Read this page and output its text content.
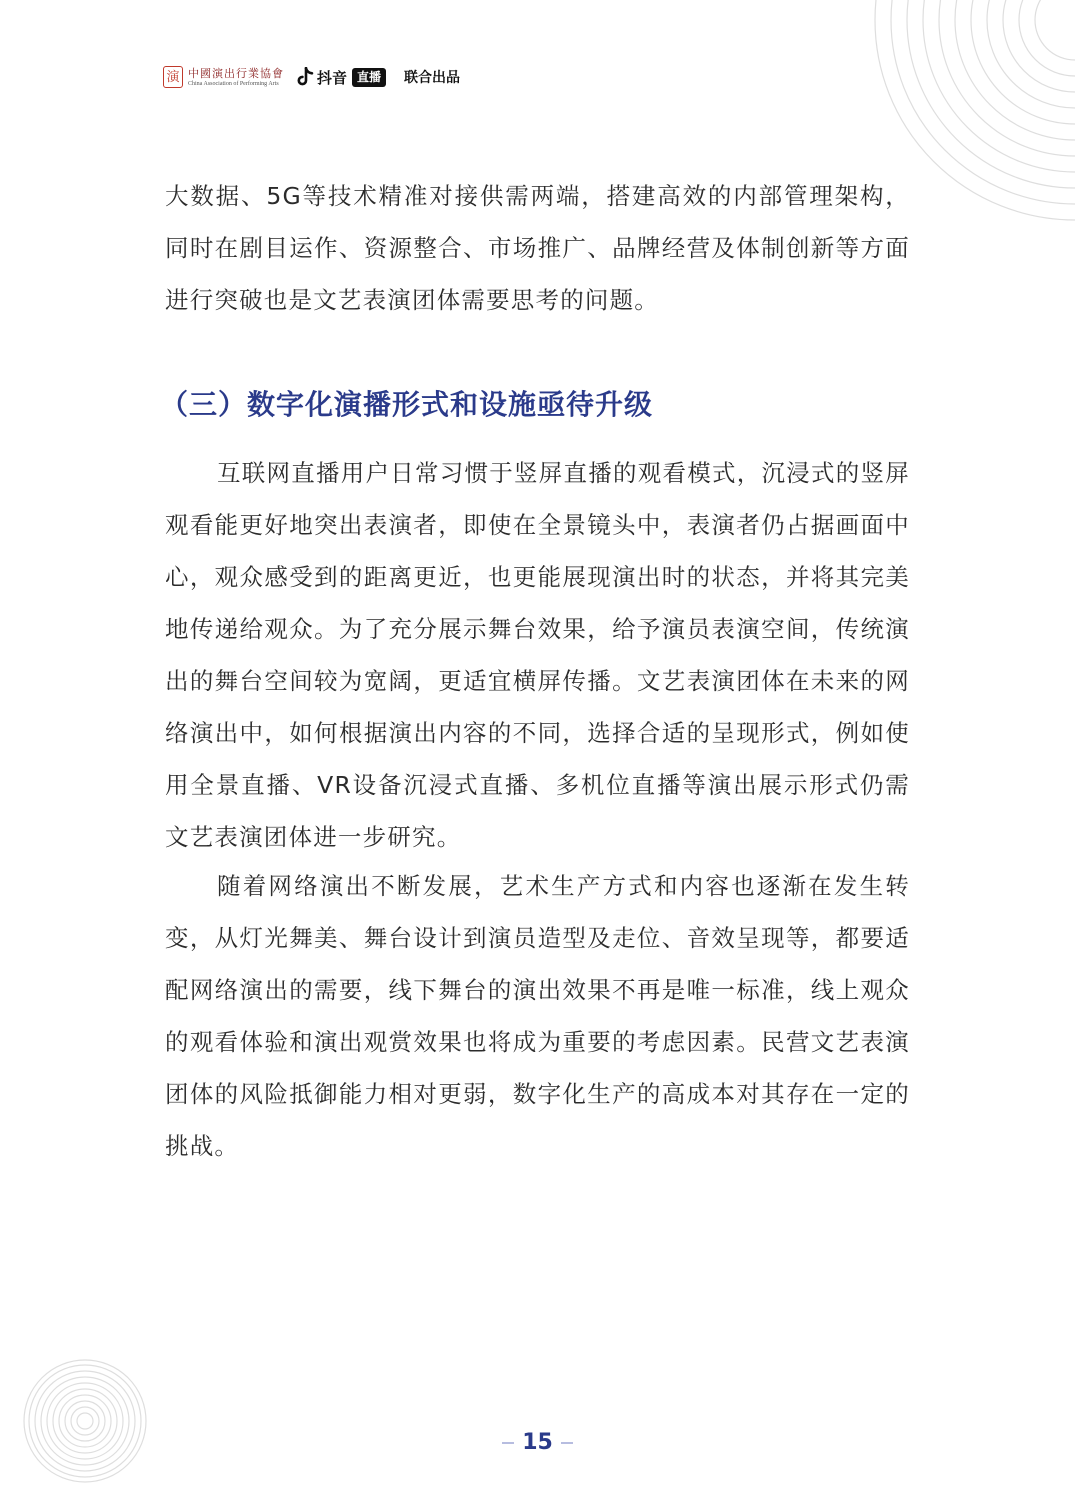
演 中國演出行業協會
China Association of Performing Arts	抖音 直播	联合出品

大数据、5G等技术精准对接供需两端，搭建高效的内部管理架构，同时在剧目运作、资源整合、市场推广、品牌经营及体制创新等方面进行突破也是文艺表演团体需要思考的问题。

（三）数字化演播形式和设施亟待升级

互联网直播用户日常习惯于竖屏直播的观看模式，沉浸式的竖屏观看能更好地突出表演者，即使在全景镜头中，表演者仍占据画面中心，观众感受到的距离更近，也更能展现演出时的状态，并将其完美地传递给观众。为了充分展示舞台效果，给予演员表演空间，传统演出的舞台空间较为宽阔，更适宜横屏传播。文艺表演团体在未来的网络演出中，如何根据演出内容的不同，选择合适的呈现形式，例如使用全景直播、VR设备沉浸式直播、多机位直播等演出展示形式仍需文艺表演团体进一步研究。

随着网络演出不断发展，艺术生产方式和内容也逐渐在发生转变，从灯光舞美、舞台设计到演员造型及走位、音效呈现等，都要适配网络演出的需要，线下舞台的演出效果不再是唯一标准，线上观众的观看体验和演出观赏效果也将成为重要的考虑因素。民营文艺表演团体的风险抵御能力相对更弱，数字化生产的高成本对其存在一定的挑战。

15
